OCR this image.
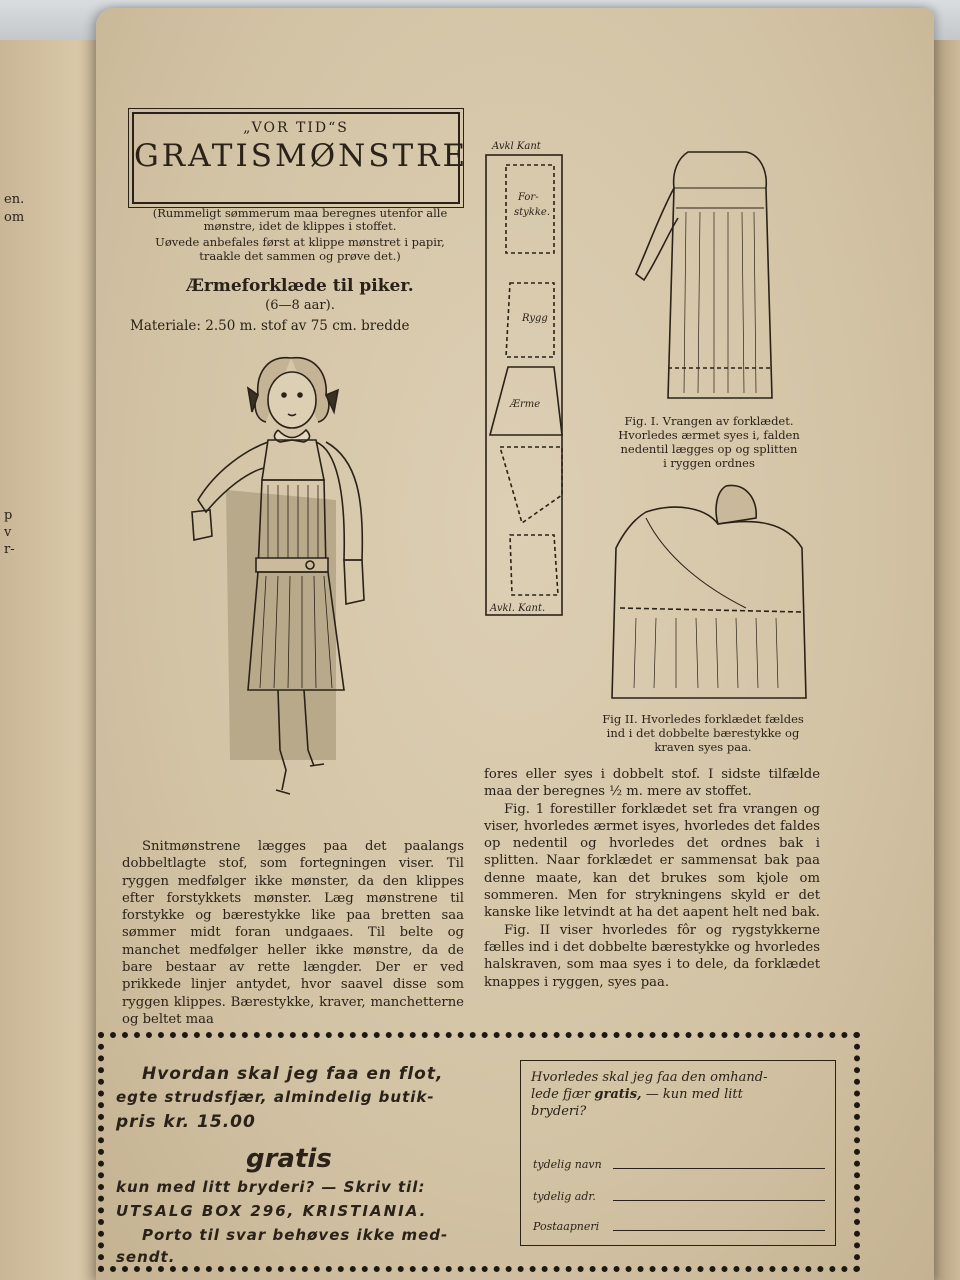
en.
om
p
v
r-
„VOR TID“S
GRATISMØNSTRE
(Rummeligt sømmerum maa beregnes utenfor alle
mønstre, idet de klippes i stoffet.
Uøvede anbefales først at klippe mønstret i papir,
traakle det sammen og prøve det.)
Ærmeforklæde til piker.
(6—8 aar).
Materiale: 2.50 m. stof av 75 cm. bredde
Avkl Kant
For-
stykke.
Rygg
Ærme
Avkl. Kant.
Fig. I. Vrangen av forklædet.
Hvorledes ærmet syes i, falden
nedentil lægges op og splitten
i ryggen ordnes
Fig II. Hvorledes forklædet fældes
ind i det dobbelte bærestykke og
kraven syes paa.

Snitmønstrene lægges paa det paalangs dobbeltlagte stof, som fortegningen viser. Til ryggen medfølger ikke mønster, da den klippes efter forstykkets mønster. Læg mønstrene til forstykke og bærestykke like paa bretten saa sømmer midt foran undgaaes. Til belte og manchet medfølger heller ikke mønstre, da de bare bestaar av rette længder. Der er ved prikkede linjer antydet, hvor saavel disse som ryggen klippes. Bærestykke, kraver, manchetterne og beltet maa

fores eller syes i dobbelt stof. I sidste tilfælde maa der beregnes ½ m. mere av stoffet.

Fig. 1 forestiller forklædet set fra vrangen og viser, hvorledes ærmet isyes, hvorledes det faldes op nedentil og hvorledes det ordnes bak i splitten. Naar forklædet er sammensat bak paa denne maate, kan det brukes som kjole om sommeren. Men for strykningens skyld er det kanske like letvindt at ha det aapent helt ned bak.

Fig. II viser hvorledes fôr og rygstykkerne fælles ind i det dobbelte bærestykke og hvorledes halskraven, som maa syes i to dele, da forklædet knappes i ryggen, syes paa.

Hvordan skal jeg faa en flot,
egte strudsfjær, almindelig butik-
pris kr. 15.00
gratis
kun med litt bryderi? — Skriv til:
UTSALG BOX 296, KRISTIANIA.
Porto til svar behøves ikke med-
sendt.
Hvorledes skal jeg faa den omhand-
lede fjær gratis, — kun med litt
bryderi?
tydelig navn
tydelig adr.
Postaapneri
